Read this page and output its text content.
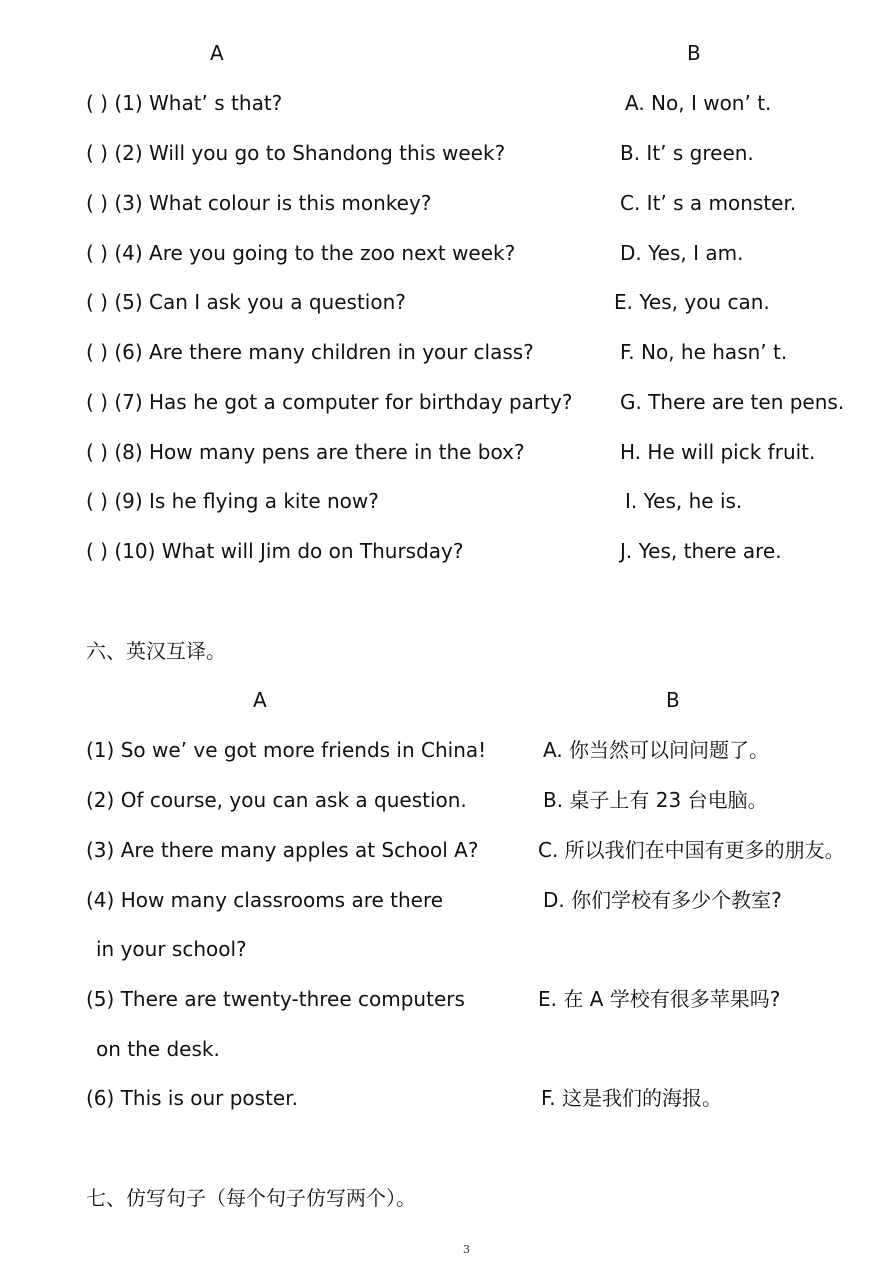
A	B
( ) (1) What’ s that?
( ) (2) Will you go to Shandong this week?
( ) (3) What colour is this monkey?
( ) (4) Are you going to the zoo next week?
( ) (5) Can I ask you a question?
( ) (6) Are there many children in your class?
( ) (7) Has he got a computer for birthday party?
( ) (8) How many pens are there in the box?
( ) (9) Is he flying a kite now?
( ) (10) What will Jim do on Thursday?
A. No, I won’ t.
B. It’ s green.
C. It’ s a monster.
D. Yes, I am.
E. Yes, you can.
F. No, he hasn’ t.
G. There are ten pens.
H. He will pick fruit.
I. Yes, he is.
J. Yes, there are.
六、英汉互译。
A	B
(1) So we’ ve got more friends in China!
(2) Of course, you can ask a question.
(3) Are there many apples at School A?
(4) How many classrooms are there
in your school?
(5) There are twenty-three computers
on the desk.
(6) This is our poster.
A. 你当然可以问问题了。
B. 桌子上有 23 台电脑。
C. 所以我们在中国有更多的朋友。
D. 你们学校有多少个教室?
E. 在 A 学校有很多苹果吗?
F. 这是我们的海报。
七、仿写句子（每个句子仿写两个）。
3
